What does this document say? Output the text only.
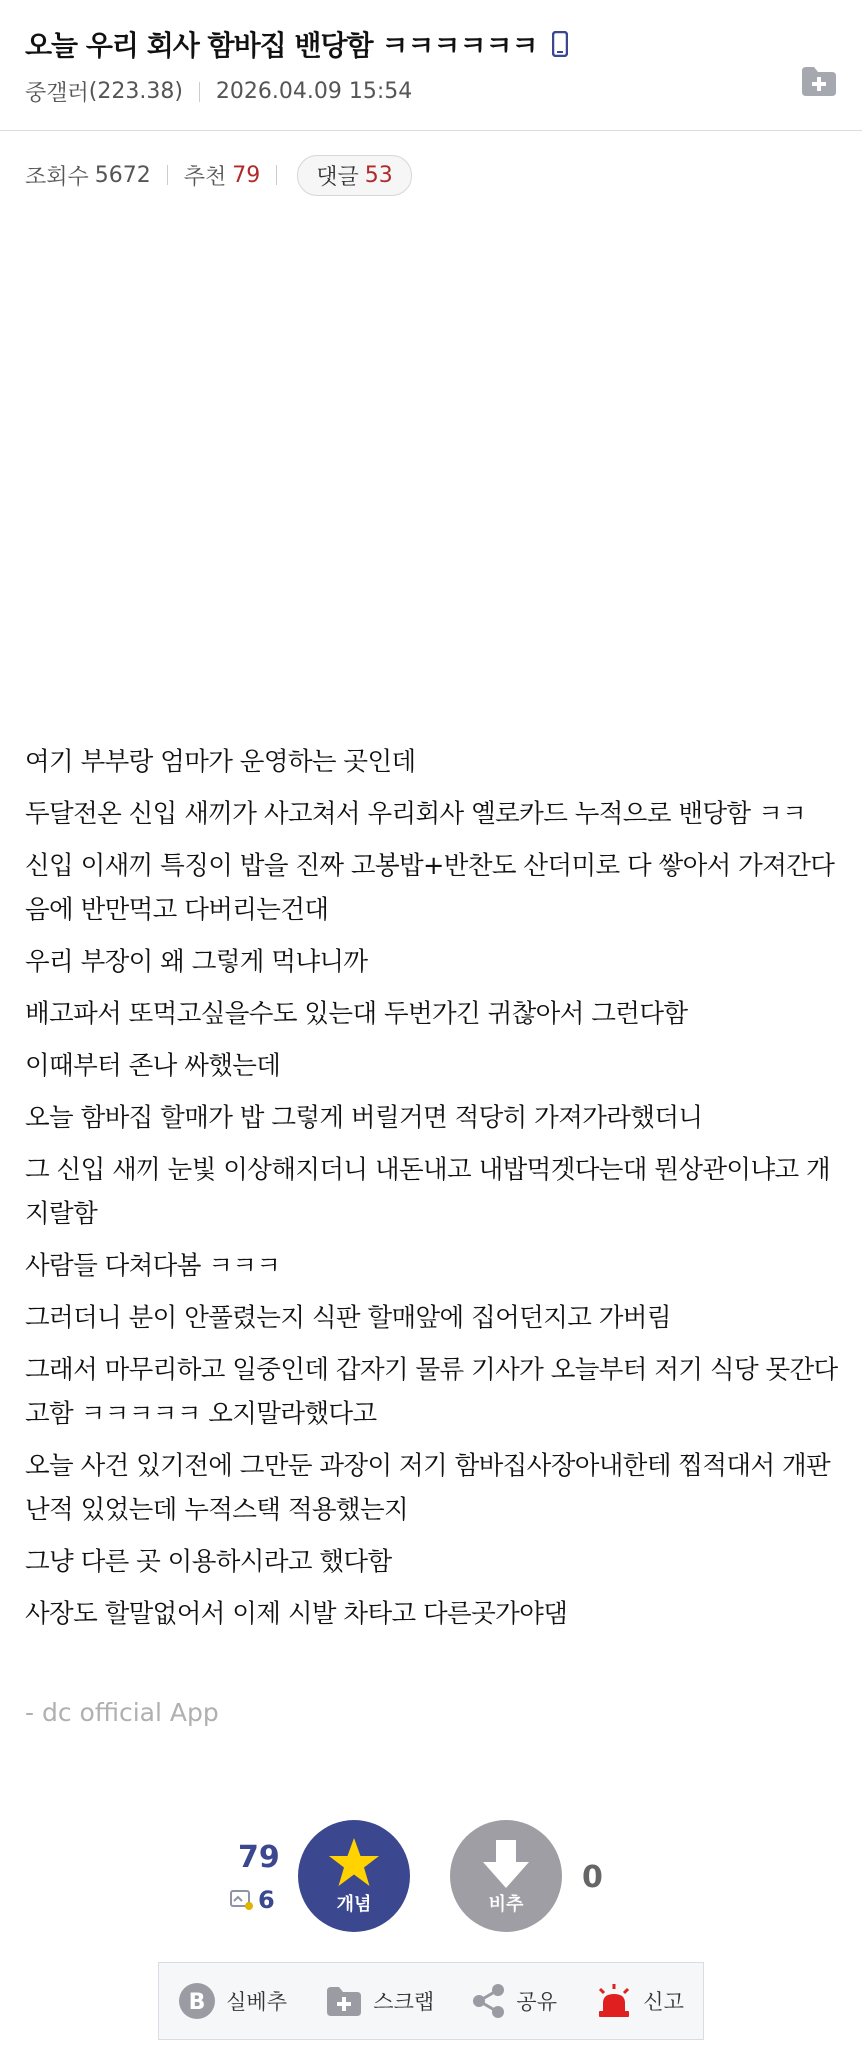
오늘 우리 회사 함바집 밴당함 ㅋㅋㅋㅋㅋㅋ
중갤러 (223.38) 2026.04.09 15:54
조회수 5672 추천 79	댓글 53

여기 부부랑 엄마가 운영하는 곳인데

두달전온 신입 새끼가 사고쳐서 우리회사 옐로카드 누적으로 밴당함 ㅋㅋ

신입 이새끼 특징이 밥을 진짜 고봉밥+반찬도 산더미로 다 쌓아서 가져간다음에 반만먹고 다버리는건대

우리 부장이 왜 그렇게 먹냐니까

배고파서 또먹고싶을수도 있는대 두번가긴 귀찮아서 그런다함

이때부터 존나 싸했는데

오늘 함바집 할매가 밥 그렇게 버릴거면 적당히 가져가라했더니

그 신입 새끼 눈빛 이상해지더니 내돈내고 내밥먹겟다는대 뭔상관이냐고 개지랄함

사람들 다쳐다봄 ㅋㅋㅋ

그러더니 분이 안풀렸는지 식판 할매앞에 집어던지고 가버림

그래서 마무리하고 일중인데 갑자기 물류 기사가 오늘부터 저기 식당 못간다고함 ㅋㅋㅋㅋㅋ 오지말라했다고

오늘 사건 있기전에 그만둔 과장이 저기 함바집사장아내한테 찝적대서 개판난적 있었는데 누적스택 적용했는지

그냥 다른 곳 이용하시라고 했다함

사장도 할말없어서 이제 시발 차타고 다른곳가야댐

- dc official App
79
6	개념	비추
0
B 실베추	스크랩	공유	신고
